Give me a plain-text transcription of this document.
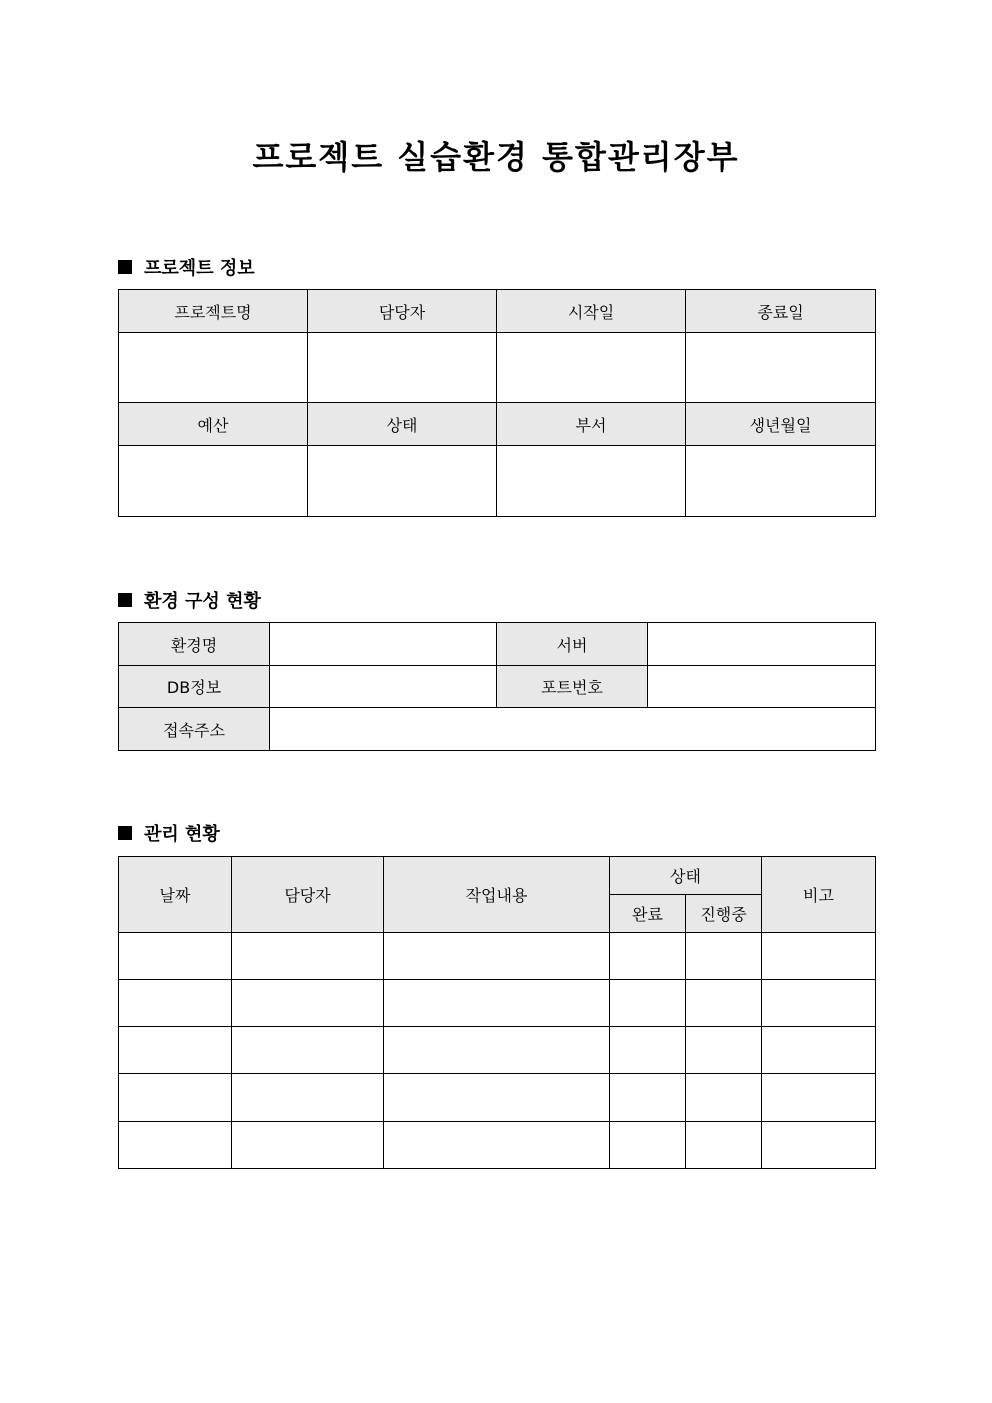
프로젝트 실습환경 통합관리장부
프로젝트 정보
프로젝트명	담당자	시작일	종료일

예산	상태	부서	생년월일

환경 구성 현황
환경명		서버	
DB정보		포트번호	
접속주소			
관리 현황
날짜	담당자	작업내용	상태		비고
			완료	진행중	
